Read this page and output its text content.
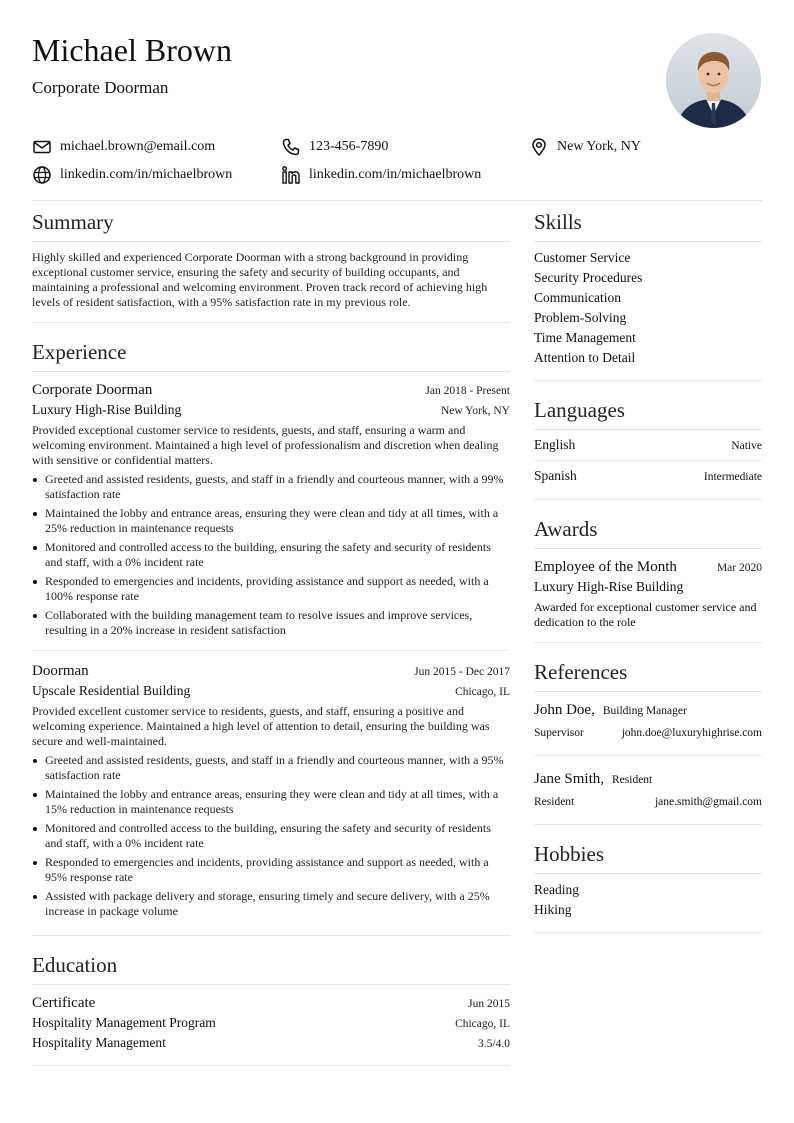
Michael Brown
Corporate Doorman
michael.brown@email.com	123-456-7890	New York, NY
linkedin.com/in/michaelbrown	linkedin.com/in/michaelbrown
Summary

Highly skilled and experienced Corporate Doorman with a strong background in providing exceptional customer service, ensuring the safety and security of building occupants, and maintaining a professional and welcoming environment. Proven track record of achieving high levels of resident satisfaction, with a 95% satisfaction rate in my previous role.

Experience
Corporate Doorman	Jan 2018 - Present
Luxury High-Rise Building	New York, NY

Provided exceptional customer service to residents, guests, and staff, ensuring a warm and welcoming environment. Maintained a high level of professionalism and discretion when dealing with sensitive or confidential matters.

Greeted and assisted residents, guests, and staff in a friendly and courteous manner, with a 99% satisfaction rate
Maintained the lobby and entrance areas, ensuring they were clean and tidy at all times, with a 25% reduction in maintenance requests
Monitored and controlled access to the building, ensuring the safety and security of residents and staff, with a 0% incident rate
Responded to emergencies and incidents, providing assistance and support as needed, with a 100% response rate
Collaborated with the building management team to resolve issues and improve services, resulting in a 20% increase in resident satisfaction
Doorman	Jun 2015 - Dec 2017
Upscale Residential Building	Chicago, IL

Provided excellent customer service to residents, guests, and staff, ensuring a positive and welcoming experience. Maintained a high level of attention to detail, ensuring the building was secure and well-maintained.

Greeted and assisted residents, guests, and staff in a friendly and courteous manner, with a 95% satisfaction rate
Maintained the lobby and entrance areas, ensuring they were clean and tidy at all times, with a 15% reduction in maintenance requests
Monitored and controlled access to the building, ensuring the safety and security of residents and staff, with a 0% incident rate
Responded to emergencies and incidents, providing assistance and support as needed, with a 95% response rate
Assisted with package delivery and storage, ensuring timely and secure delivery, with a 25% increase in package volume
Education
Certificate	Jun 2015
Hospitality Management Program	Chicago, IL
Hospitality Management	3.5/4.0
Skills
Customer Service
Security Procedures
Communication
Problem-Solving
Time Management
Attention to Detail
Languages
English	Native
Spanish	Intermediate
Awards
Employee of the Month	Mar 2020
Luxury High-Rise Building

Awarded for exceptional customer service and dedication to the role

References
John Doe, Building Manager
Supervisor	john.doe@luxuryhighrise.com
Jane Smith, Resident
Resident	jane.smith@gmail.com
Hobbies
Reading
Hiking
